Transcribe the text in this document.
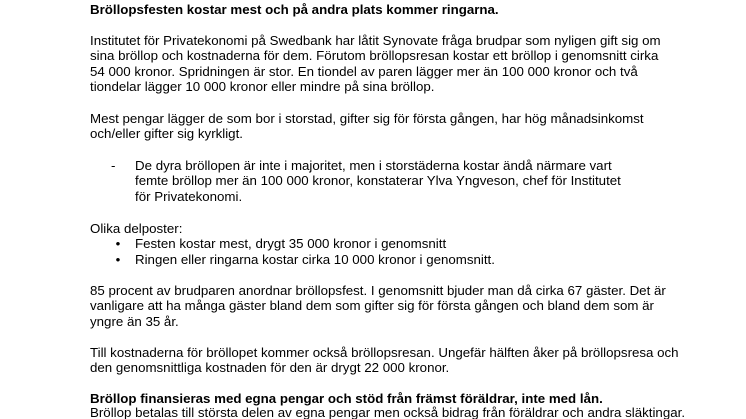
Bröllopsfesten kostar mest och på andra plats kommer ringarna.
Institutet för Privatekonomi på Swedbank har låtit Synovate fråga brudpar som nyligen gift sig om
sina bröllop och kostnaderna för dem. Förutom bröllopsresan kostar ett bröllop i genomsnitt cirka
54 000 kronor. Spridningen är stor. En tiondel av paren lägger mer än 100 000 kronor och två
tiondelar lägger 10 000 kronor eller mindre på sina bröllop.
Mest pengar lägger de som bor i storstad, gifter sig för första gången, har hög månadsinkomst
och/eller gifter sig kyrkligt.
- De dyra bröllopen är inte i majoritet, men i storstäderna kostar ändå närmare vart
femte bröllop mer än 100 000 kronor, konstaterar Ylva Yngveson, chef för Institutet
för Privatekonomi.
Olika delposter:
• Festen kostar mest, drygt 35 000 kronor i genomsnitt
• Ringen eller ringarna kostar cirka 10 000 kronor i genomsnitt.
85 procent av brudparen anordnar bröllopsfest. I genomsnitt bjuder man då cirka 67 gäster. Det är
vanligare att ha många gäster bland dem som gifter sig för första gången och bland dem som är
yngre än 35 år.
Till kostnaderna för bröllopet kommer också bröllopsresan. Ungefär hälften åker på bröllopsresa och
den genomsnittliga kostnaden för den är drygt 22 000 kronor.
Bröllop finansieras med egna pengar och stöd från främst föräldrar, inte med lån.
Bröllop betalas till största delen av egna pengar men också bidrag från föräldrar och andra släktingar.
